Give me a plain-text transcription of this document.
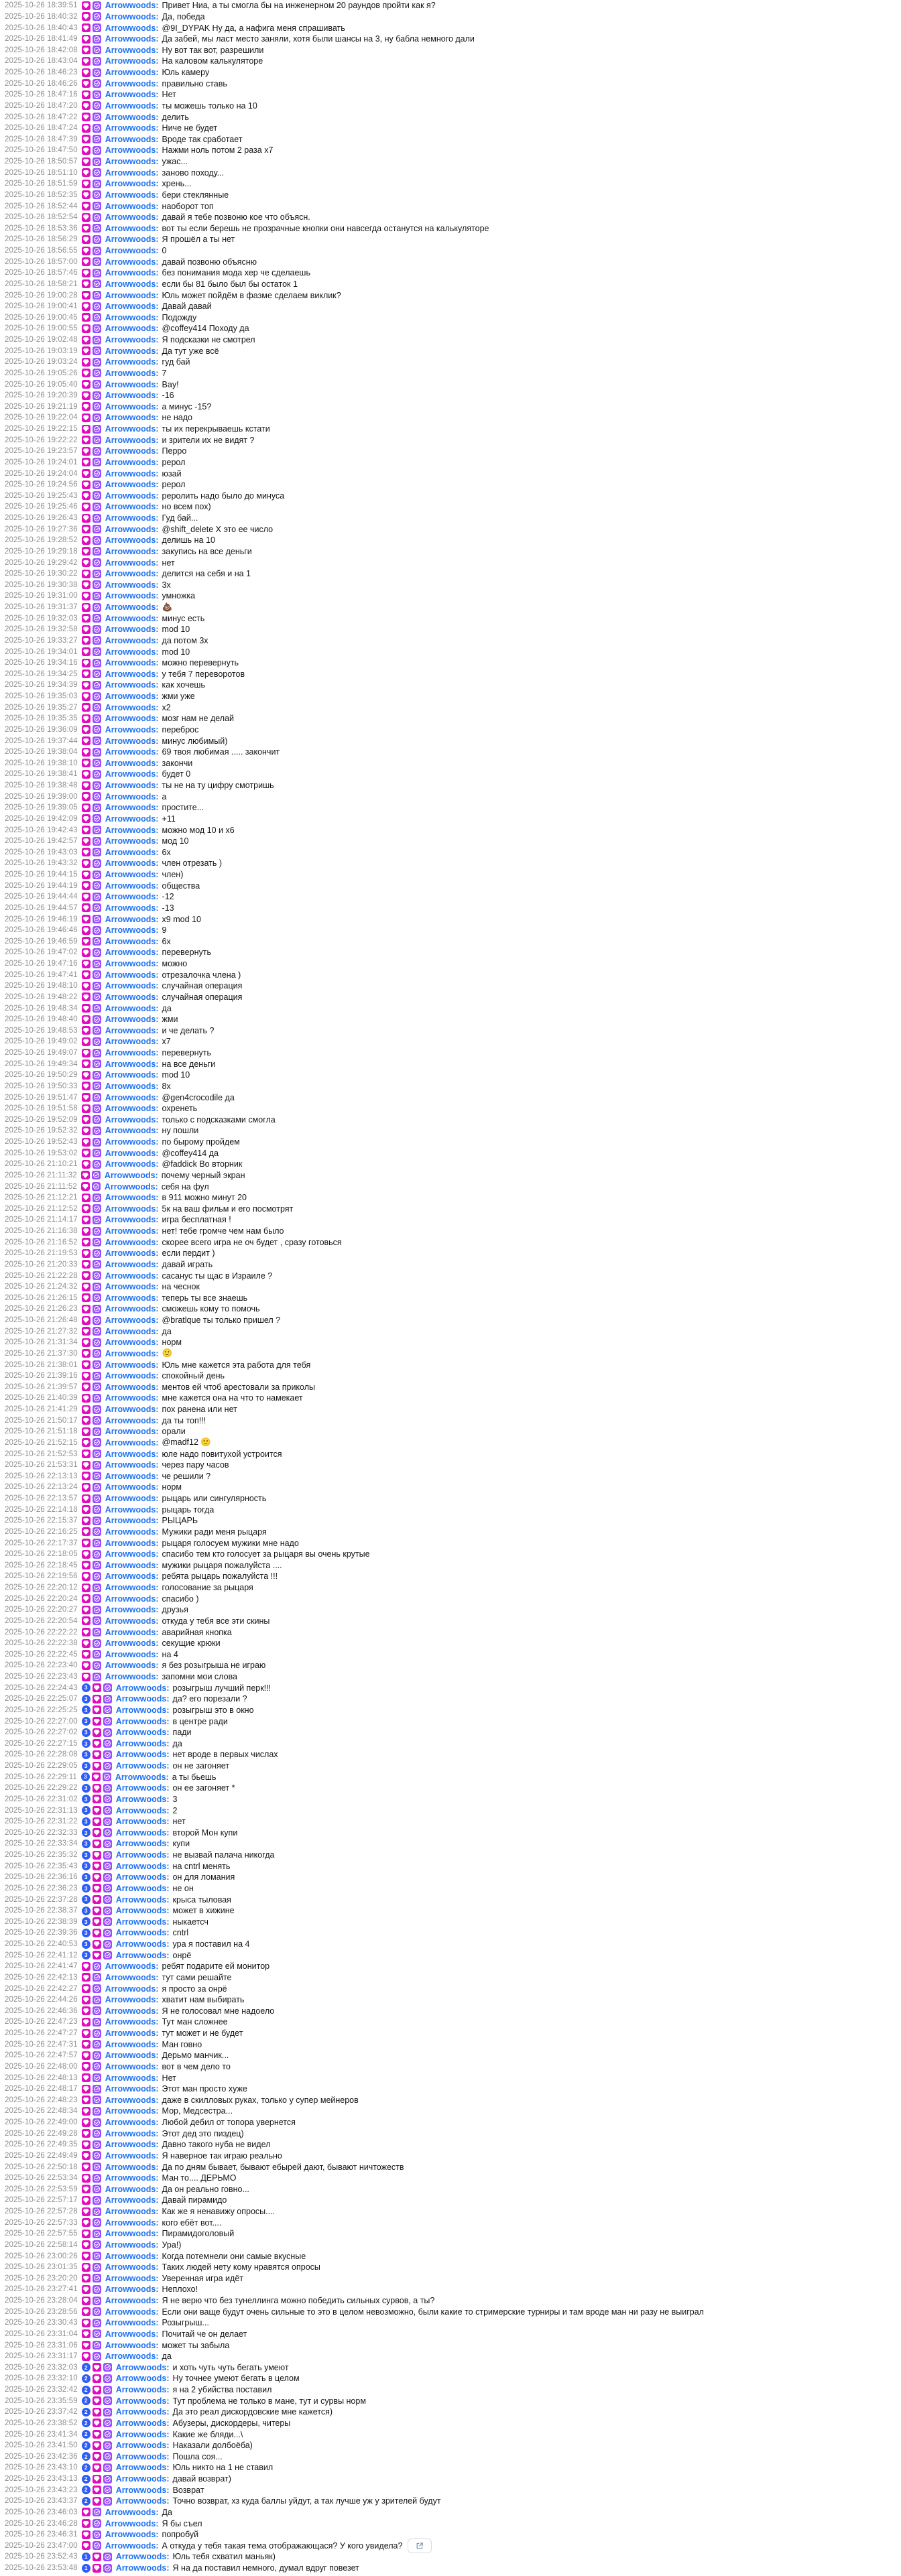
2025-10-26 18:39:51	Arrowwoods: Привет Ниа, а ты смогла бы на инженерном 20 раундов пройти как я?
2025-10-26 18:40:32	Arrowwoods: Да, победа
2025-10-26 18:40:43	Arrowwoods: @9I_DYPAK Ну да, а нафига меня спрашивать
2025-10-26 18:41:49	Arrowwoods: Да забей, мы ласт место заняли, хотя были шансы на 3, ну бабла немного дали
2025-10-26 18:42:08	Arrowwoods: Ну вот так вот, разрешили
2025-10-26 18:43:04	Arrowwoods: На каловом калькуляторе
2025-10-26 18:46:23	Arrowwoods: Юль камеру
2025-10-26 18:46:26	Arrowwoods: правильно ставь
2025-10-26 18:47:16	Arrowwoods: Нет
2025-10-26 18:47:20	Arrowwoods: ты можешь только на 10
2025-10-26 18:47:22	Arrowwoods: делить
2025-10-26 18:47:24	Arrowwoods: Ниче не будет
2025-10-26 18:47:39	Arrowwoods: Вроде так сработает
2025-10-26 18:47:50	Arrowwoods: Нажми ноль потом 2 раза х7
2025-10-26 18:50:57	Arrowwoods: ужас...
2025-10-26 18:51:10	Arrowwoods: заново походу...
2025-10-26 18:51:59	Arrowwoods: хрень...
2025-10-26 18:52:35	Arrowwoods: бери стеклянные
2025-10-26 18:52:44	Arrowwoods: наоборот топ
2025-10-26 18:52:54	Arrowwoods: давай я тебе позвоню кое что объясн.
2025-10-26 18:53:36	Arrowwoods: вот ты если берешь не прозрачные кнопки они навсегда останутся на калькуляторе
2025-10-26 18:56:29	Arrowwoods: Я прошёл а ты нет
2025-10-26 18:56:55	Arrowwoods: 0
2025-10-26 18:57:00	Arrowwoods: давай позвоню объясню
2025-10-26 18:57:46	Arrowwoods: без понимания мода хер че сделаешь
2025-10-26 18:58:21	Arrowwoods: если бы 81 было был бы остаток 1
2025-10-26 19:00:28	Arrowwoods: Юль может пойдём в фазме сделаем виклик?
2025-10-26 19:00:41	Arrowwoods: Давай давай
2025-10-26 19:00:45	Arrowwoods: Подожду
2025-10-26 19:00:55	Arrowwoods: @coffey414 Походу да
2025-10-26 19:02:48	Arrowwoods: Я подсказки не смотрел
2025-10-26 19:03:19	Arrowwoods: Да тут уже всё
2025-10-26 19:03:24	Arrowwoods: гуд бай
2025-10-26 19:05:26	Arrowwoods: 7
2025-10-26 19:05:40	Arrowwoods: Bay!
2025-10-26 19:20:39	Arrowwoods: -16
2025-10-26 19:21:19	Arrowwoods: а минус -15?
2025-10-26 19:22:04	Arrowwoods: не надо
2025-10-26 19:22:15	Arrowwoods: ты их перекрываешь кстати
2025-10-26 19:22:22	Arrowwoods: и зрители их не видят ?
2025-10-26 19:23:57	Arrowwoods: Перро
2025-10-26 19:24:01	Arrowwoods: рерол
2025-10-26 19:24:04	Arrowwoods: юзай
2025-10-26 19:24:56	Arrowwoods: рерол
2025-10-26 19:25:43	Arrowwoods: реролить надо было до минуса
2025-10-26 19:25:46	Arrowwoods: но всем пох)
2025-10-26 19:26:43	Arrowwoods: Гуд бай...
2025-10-26 19:27:36	Arrowwoods: @shift_delete Х это ее число
2025-10-26 19:28:52	Arrowwoods: делишь на 10
2025-10-26 19:29:18	Arrowwoods: закупись на все деньги
2025-10-26 19:29:42	Arrowwoods: нет
2025-10-26 19:30:22	Arrowwoods: делится на себя и на 1
2025-10-26 19:30:38	Arrowwoods: 3х
2025-10-26 19:31:00	Arrowwoods: умножка
2025-10-26 19:31:37	Arrowwoods: 💩
2025-10-26 19:32:03	Arrowwoods: минус есть
2025-10-26 19:32:58	Arrowwoods: mod 10
2025-10-26 19:33:27	Arrowwoods: да потом 3х
2025-10-26 19:34:01	Arrowwoods: mod 10
2025-10-26 19:34:16	Arrowwoods: можно перевернуть
2025-10-26 19:34:25	Arrowwoods: у тебя 7 переворотов
2025-10-26 19:34:39	Arrowwoods: как хочешь
2025-10-26 19:35:03	Arrowwoods: жми уже
2025-10-26 19:35:27	Arrowwoods: х2
2025-10-26 19:35:35	Arrowwoods: мозг нам не делай
2025-10-26 19:36:09	Arrowwoods: переброс
2025-10-26 19:37:44	Arrowwoods: минус любимый)
2025-10-26 19:38:04	Arrowwoods: 69 твоя любимая ..... закончит
2025-10-26 19:38:10	Arrowwoods: закончи
2025-10-26 19:38:41	Arrowwoods: будет 0
2025-10-26 19:38:48	Arrowwoods: ты не на ту цифру смотришь
2025-10-26 19:39:00	Arrowwoods: а
2025-10-26 19:39:05	Arrowwoods: простите...
2025-10-26 19:42:09	Arrowwoods: +11
2025-10-26 19:42:43	Arrowwoods: можно мод 10 и х6
2025-10-26 19:42:57	Arrowwoods: мод 10
2025-10-26 19:43:03	Arrowwoods: 6х
2025-10-26 19:43:32	Arrowwoods: член отрезать )
2025-10-26 19:44:15	Arrowwoods: член)
2025-10-26 19:44:19	Arrowwoods: общества
2025-10-26 19:44:44	Arrowwoods: -12
2025-10-26 19:44:57	Arrowwoods: -13
2025-10-26 19:46:19	Arrowwoods: x9 mod 10
2025-10-26 19:46:46	Arrowwoods: 9
2025-10-26 19:46:59	Arrowwoods: 6х
2025-10-26 19:47:02	Arrowwoods: перевернуть
2025-10-26 19:47:16	Arrowwoods: можно
2025-10-26 19:47:41	Arrowwoods: отрезалочка члена )
2025-10-26 19:48:10	Arrowwoods: случайная операция
2025-10-26 19:48:22	Arrowwoods: случайная операция
2025-10-26 19:48:34	Arrowwoods: да
2025-10-26 19:48:40	Arrowwoods: жми
2025-10-26 19:48:53	Arrowwoods: и че делать ?
2025-10-26 19:49:02	Arrowwoods: х7
2025-10-26 19:49:07	Arrowwoods: перевернуть
2025-10-26 19:49:34	Arrowwoods: на все деньги
2025-10-26 19:50:29	Arrowwoods: mod 10
2025-10-26 19:50:33	Arrowwoods: 8х
2025-10-26 19:51:47	Arrowwoods: @gen4crocodile да
2025-10-26 19:51:58	Arrowwoods: охренеть
2025-10-26 19:52:09	Arrowwoods: только с подсказками смогла
2025-10-26 19:52:32	Arrowwoods: ну пошли
2025-10-26 19:52:43	Arrowwoods: по бырому пройдем
2025-10-26 19:53:02	Arrowwoods: @coffey414 да
2025-10-26 21:10:21	Arrowwoods: @faddick Во вторник
2025-10-26 21:11:32	Arrowwoods: почему черный экран
2025-10-26 21:11:52	Arrowwoods: себя на фул
2025-10-26 21:12:21	Arrowwoods: в 911 можно минут 20
2025-10-26 21:12:52	Arrowwoods: 5к на ваш фильм и его посмотрят
2025-10-26 21:14:17	Arrowwoods: игра бесплатная !
2025-10-26 21:16:38	Arrowwoods: нет! тебе громче чем нам было
2025-10-26 21:16:52	Arrowwoods: скорее всего игра не оч будет , сразу готовься
2025-10-26 21:19:53	Arrowwoods: если пердит )
2025-10-26 21:20:33	Arrowwoods: давай играть
2025-10-26 21:22:28	Arrowwoods: сасанус ты щас в Израиле ?
2025-10-26 21:24:32	Arrowwoods: на чеснок
2025-10-26 21:26:15	Arrowwoods: теперь ты все знаешь
2025-10-26 21:26:23	Arrowwoods: сможешь кому то помочь
2025-10-26 21:26:48	Arrowwoods: @bratlque ты только пришел ?
2025-10-26 21:27:32	Arrowwoods: да
2025-10-26 21:31:34	Arrowwoods: норм
2025-10-26 21:37:30	Arrowwoods: 🙂
2025-10-26 21:38:01	Arrowwoods: Юль мне кажется эта работа для тебя
2025-10-26 21:39:16	Arrowwoods: спокойный день
2025-10-26 21:39:57	Arrowwoods: ментов ей чтоб арестовали за приколы
2025-10-26 21:40:39	Arrowwoods: мне кажется она на что то намекает
2025-10-26 21:41:29	Arrowwoods: пох ранена или нет
2025-10-26 21:50:17	Arrowwoods: да ты топ!!!
2025-10-26 21:51:18	Arrowwoods: орали
2025-10-26 21:52:15	Arrowwoods: @madf12 🙂
2025-10-26 21:52:53	Arrowwoods: юле надо повитухой устроится
2025-10-26 21:53:31	Arrowwoods: через пару часов
2025-10-26 22:13:13	Arrowwoods: че решили ?
2025-10-26 22:13:24	Arrowwoods: норм
2025-10-26 22:13:57	Arrowwoods: рыцарь или сингулярность
2025-10-26 22:14:18	Arrowwoods: рыцарь тогда
2025-10-26 22:15:37	Arrowwoods: РЫЦАРЬ
2025-10-26 22:16:25	Arrowwoods: Мужики ради меня рыцаря
2025-10-26 22:17:37	Arrowwoods: рыцаря голосуем мужики мне надо
2025-10-26 22:18:05	Arrowwoods: спасибо тем кто голосует за рыцаря вы очень крутые
2025-10-26 22:18:45	Arrowwoods: мужики рыцаря пожалуйста ....
2025-10-26 22:19:56	Arrowwoods: ребята рыцарь пожалуйста !!!
2025-10-26 22:20:12	Arrowwoods: голосование за рыцаря
2025-10-26 22:20:24	Arrowwoods: спасибо )
2025-10-26 22:20:27	Arrowwoods: друзья
2025-10-26 22:20:54	Arrowwoods: откуда у тебя все эти скины
2025-10-26 22:22:22	Arrowwoods: аварийная кнопка
2025-10-26 22:22:38	Arrowwoods: секущие крюки
2025-10-26 22:22:45	Arrowwoods: на 4
2025-10-26 22:23:40	Arrowwoods: я без розыгрыша не играю
2025-10-26 22:23:43	Arrowwoods: запомни мои слова
2025-10-26 22:24:43	3	Arrowwoods: розыгрыш лучший перк!!!
2025-10-26 22:25:07	3	Arrowwoods: да? его порезали ?
2025-10-26 22:25:25	3	Arrowwoods: розыгрыш это в окно
2025-10-26 22:27:00	3	Arrowwoods: в центре ради
2025-10-26 22:27:02	3	Arrowwoods: пади
2025-10-26 22:27:15	3	Arrowwoods: да
2025-10-26 22:28:08	3	Arrowwoods: нет вроде в первых числах
2025-10-26 22:29:05	3	Arrowwoods: он не загоняет
2025-10-26 22:29:11	3	Arrowwoods: а ты бьешь
2025-10-26 22:29:22	3	Arrowwoods: он ее загоняет *
2025-10-26 22:31:02	3	Arrowwoods: 3
2025-10-26 22:31:13	3	Arrowwoods: 2
2025-10-26 22:31:22	3	Arrowwoods: нет
2025-10-26 22:32:33	3	Arrowwoods: второй Мон купи
2025-10-26 22:33:34	3	Arrowwoods: купи
2025-10-26 22:35:32	3	Arrowwoods: не вызвай палача никогда
2025-10-26 22:35:43	3	Arrowwoods: на cntrl менять
2025-10-26 22:36:16	3	Arrowwoods: он для ломания
2025-10-26 22:36:23	3	Arrowwoods: не он
2025-10-26 22:37:28	3	Arrowwoods: крыса тыловая
2025-10-26 22:38:37	3	Arrowwoods: может в хижине
2025-10-26 22:38:39	3	Arrowwoods: ныкаетсч
2025-10-26 22:39:36	3	Arrowwoods: cntrl
2025-10-26 22:40:53	3	Arrowwoods: ура я поставил на 4
2025-10-26 22:41:12	3	Arrowwoods: онрё
2025-10-26 22:41:47	Arrowwoods: ребят подарите ей монитор
2025-10-26 22:42:13	Arrowwoods: тут сами решайте
2025-10-26 22:42:27	Arrowwoods: я просто за онрё
2025-10-26 22:44:26	Arrowwoods: хватит нам выбирать
2025-10-26 22:46:36	Arrowwoods: Я не голосовал мне надоело
2025-10-26 22:47:23	Arrowwoods: Тут ман сложнее
2025-10-26 22:47:27	Arrowwoods: тут может и не будет
2025-10-26 22:47:31	Arrowwoods: Ман говно
2025-10-26 22:47:57	Arrowwoods: Дерьмо манчик...
2025-10-26 22:48:00	Arrowwoods: вот в чем дело то
2025-10-26 22:48:13	Arrowwoods: Нет
2025-10-26 22:48:17	Arrowwoods: Этот ман просто хуже
2025-10-26 22:48:23	Arrowwoods: даже в скилловых руках, только у супер мейнеров
2025-10-26 22:48:34	Arrowwoods: Мор, Медсестра...
2025-10-26 22:49:00	Arrowwoods: Любой дебил от топора увернется
2025-10-26 22:49:28	Arrowwoods: Этот дед это пиздец)
2025-10-26 22:49:35	Arrowwoods: Давно такого нуба не видел
2025-10-26 22:49:49	Arrowwoods: Я наверное так играю реально
2025-10-26 22:50:18	Arrowwoods: Да по дням бывает, бывают ебырей дают, бывают ничтожеств
2025-10-26 22:53:34	Arrowwoods: Ман то.... ДЕРЬМО
2025-10-26 22:53:59	Arrowwoods: Да он реально говно...
2025-10-26 22:57:17	Arrowwoods: Давай пирамидо
2025-10-26 22:57:28	Arrowwoods: Как же я ненавижу опросы....
2025-10-26 22:57:33	Arrowwoods: кого ебёт вот....
2025-10-26 22:57:55	Arrowwoods: Пирамидоголовый
2025-10-26 22:58:14	Arrowwoods: Ура!)
2025-10-26 23:00:26	Arrowwoods: Когда потемнели они самые вкусные
2025-10-26 23:01:35	Arrowwoods: Таких людей нету кому нравятся опросы
2025-10-26 23:20:20	Arrowwoods: Уверенная игра идёт
2025-10-26 23:27:41	Arrowwoods: Неплохо!
2025-10-26 23:28:04	Arrowwoods: Я не верю что без тунеллинга можно победить сильных сурвов, а ты?
2025-10-26 23:28:56	Arrowwoods: Если они ваще будут очень сильные то это в целом невозможно, были какие то стримерские турниры и там вроде ман ни разу не выиграл
2025-10-26 23:30:43	Arrowwoods: Розыгрыш...
2025-10-26 23:31:04	Arrowwoods: Почитай че он делает
2025-10-26 23:31:06	Arrowwoods: может ты забыла
2025-10-26 23:31:17	Arrowwoods: да
2025-10-26 23:32:03	2	Arrowwoods: и хоть чуть чуть бегать умеют
2025-10-26 23:32:10	2	Arrowwoods: Ну точнее умеют бегать в целом
2025-10-26 23:32:42	2	Arrowwoods: я на 2 убийства поставил
2025-10-26 23:35:59	2	Arrowwoods: Тут проблема не только в мане, тут и сурвы норм
2025-10-26 23:37:42	2	Arrowwoods: Да это реал дискордовские мне кажется)
2025-10-26 23:38:52	2	Arrowwoods: Абузеры, дискордеры, читеры
2025-10-26 23:41:34	2	Arrowwoods: Какие же бляди...\
2025-10-26 23:41:50	2	Arrowwoods: Наказали долбоёба)
2025-10-26 23:42:36	2	Arrowwoods: Пошла соя...
2025-10-26 23:43:10	2	Arrowwoods: Юль никто на 1 не ставил
2025-10-26 23:43:13	2	Arrowwoods: давай возврат)
2025-10-26 23:43:23	2	Arrowwoods: Возврат
2025-10-26 23:43:37	2	Arrowwoods: Точно возврат, хз куда баллы уйдут, а так лучше уж у зрителей будут
2025-10-26 23:46:03	Arrowwoods: Да
2025-10-26 23:46:28	Arrowwoods: Я бы съел
2025-10-26 23:46:31	Arrowwoods: попробуй
2025-10-26 23:47:00	Arrowwoods: А откуда у тебя такая тема отображающася? У кого увидела?
2025-10-26 23:52:43	1	Arrowwoods: Юль тебя схватил маньяк)
2025-10-26 23:53:48	1	Arrowwoods: Я на да поставил немного, думал вдруг повезет
